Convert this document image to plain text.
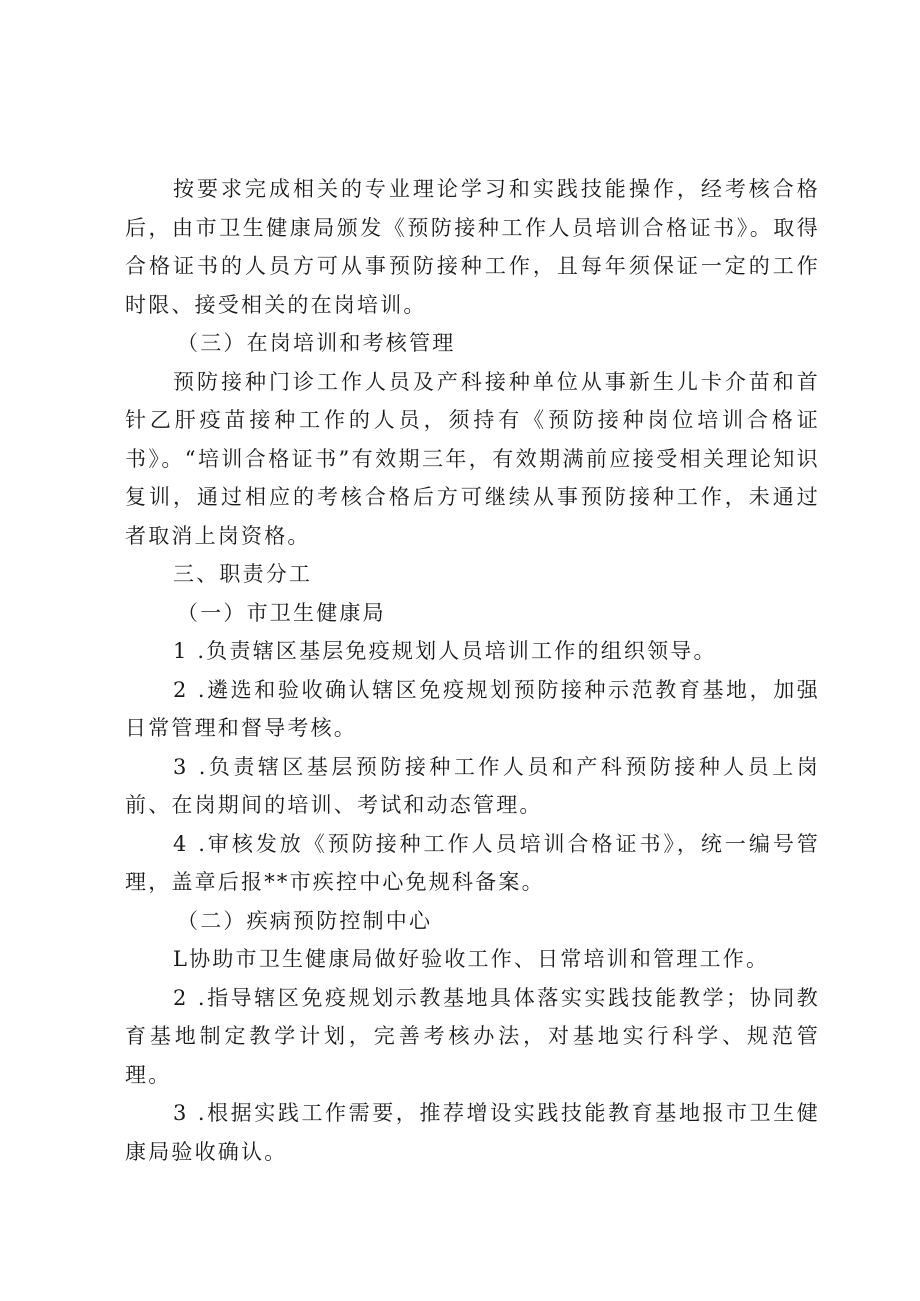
按要求完成相关的专业理论学习和实践技能操作，经考核合格后，由市卫生健康局颁发《预防接种工作人员培训合格证书》。取得合格证书的人员方可从事预防接种工作，且每年须保证一定的工作时限、接受相关的在岗培训。

（三）在岗培训和考核管理

预防接种门诊工作人员及产科接种单位从事新生儿卡介苗和首针乙肝疫苗接种工作的人员，须持有《预防接种岗位培训合格证书》。“培训合格证书”有效期三年，有效期满前应接受相关理论知识复训，通过相应的考核合格后方可继续从事预防接种工作，未通过者取消上岗资格。

三、职责分工

（一）市卫生健康局

1 .负责辖区基层免疫规划人员培训工作的组织领导。

2 .遴选和验收确认辖区免疫规划预防接种示范教育基地，加强日常管理和督导考核。

3 .负责辖区基层预防接种工作人员和产科预防接种人员上岗前、在岗期间的培训、考试和动态管理。

4 .审核发放《预防接种工作人员培训合格证书》，统一编号管理，盖章后报**市疾控中心免规科备案。

（二）疾病预防控制中心

L协助市卫生健康局做好验收工作、日常培训和管理工作。

2 .指导辖区免疫规划示教基地具体落实实践技能教学；协同教育基地制定教学计划，完善考核办法，对基地实行科学、规范管理。

3 .根据实践工作需要，推荐增设实践技能教育基地报市卫生健康局验收确认。
